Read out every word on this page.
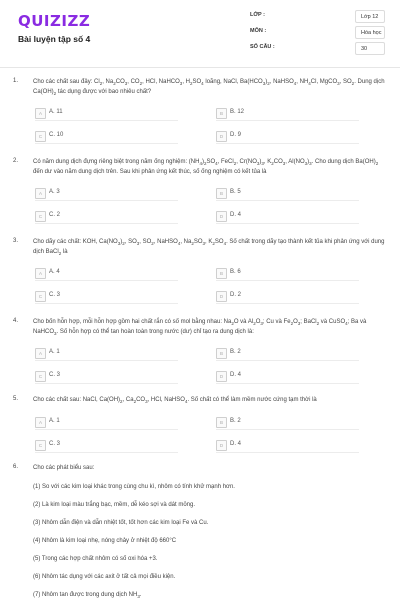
QUIZIZZ
Bài luyện tập số 4
LỚP :	Lớp 12
MÔN :	Hóa học
SỐ CÂU :	30
1. Cho các chất sau đây: $Cl_2$, $Na_2CO_3$, $CO_2$, HCl, NaHCO$_3$, $H_2SO_4$ loãng, NaCl, $Ba(HCO_3)_2$, NaHSO$_4$, $NH_4Cl$, MgCO$_3$, $SO_2$. Dung dịch $Ca(OH)_2$ tác dụng được với bao nhiêu chất?
A	A. 11	B	B. 12
C	C. 10	D	D. 9
2. Có năm dung dịch đựng riêng biệt trong năm ống nghiệm: $(NH_4)_2SO_4$, FeCl$_2$, $Cr(NO_3)_3$, $K_2CO_3$, $Al(NO_3)_3$. Cho dung dịch $Ba(OH)_2$ đến dư vào năm dung dịch trên. Sau khi phản ứng kết thúc, số ống nghiệm có kết tủa là
A	A. 3	B	B. 5
C	C. 2	D	D. 4
3. Cho dãy các chất: KOH, $Ca(NO_3)_2$, $SO_3$, $SO_2$, NaHSO$_4$, $Na_2SO_3$, $K_2SO_4$. Số chất trong dãy tạo thành kết tủa khi phản ứng với dung dịch BaCl$_2$ là
A	A. 4	B	B. 6
C	C. 3	D	D. 2
4. Cho bốn hỗn hợp, mỗi hỗn hợp gồm hai chất rắn có số mol bằng nhau: $Na_2O$ và $Al_2O_3$; Cu và $Fe_2O_3$; BaCl$_2$ và CuSO$_4$; Ba và NaHCO$_3$. Số hỗn hợp có thể tan hoàn toàn trong nước (dư) chỉ tạo ra dung dịch là:
A	A. 1	B	B. 2
C	C. 3	D	D. 4
5. Cho các chất sau: NaCl, $Ca(OH)_2$, $Ca_2CO_3$, HCl, NaHSO$_4$. Số chất có thể làm mềm nước cứng tạm thời là
A	A. 1	B	B. 2
C	C. 3	D	D. 4
6. Cho các phát biểu sau:
(1) So với các kim loại khác trong cùng chu kì, nhôm có tính khử mạnh hơn.
(2) Là kim loại màu trắng bạc, mềm, dễ kéo sợi và dát mỏng.
(3) Nhôm dẫn điện và dẫn nhiệt tốt, tốt hơn các kim loại Fe và Cu.
(4) Nhôm là kim loại nhẹ, nóng chảy ở nhiệt độ 660°C
(5) Trong các hợp chất nhôm có số oxi hóa +3.
(6) Nhôm tác dụng với các axit ở tất cả mọi điều kiện.
(7) Nhôm tan được trong dung dịch $NH_3$.
